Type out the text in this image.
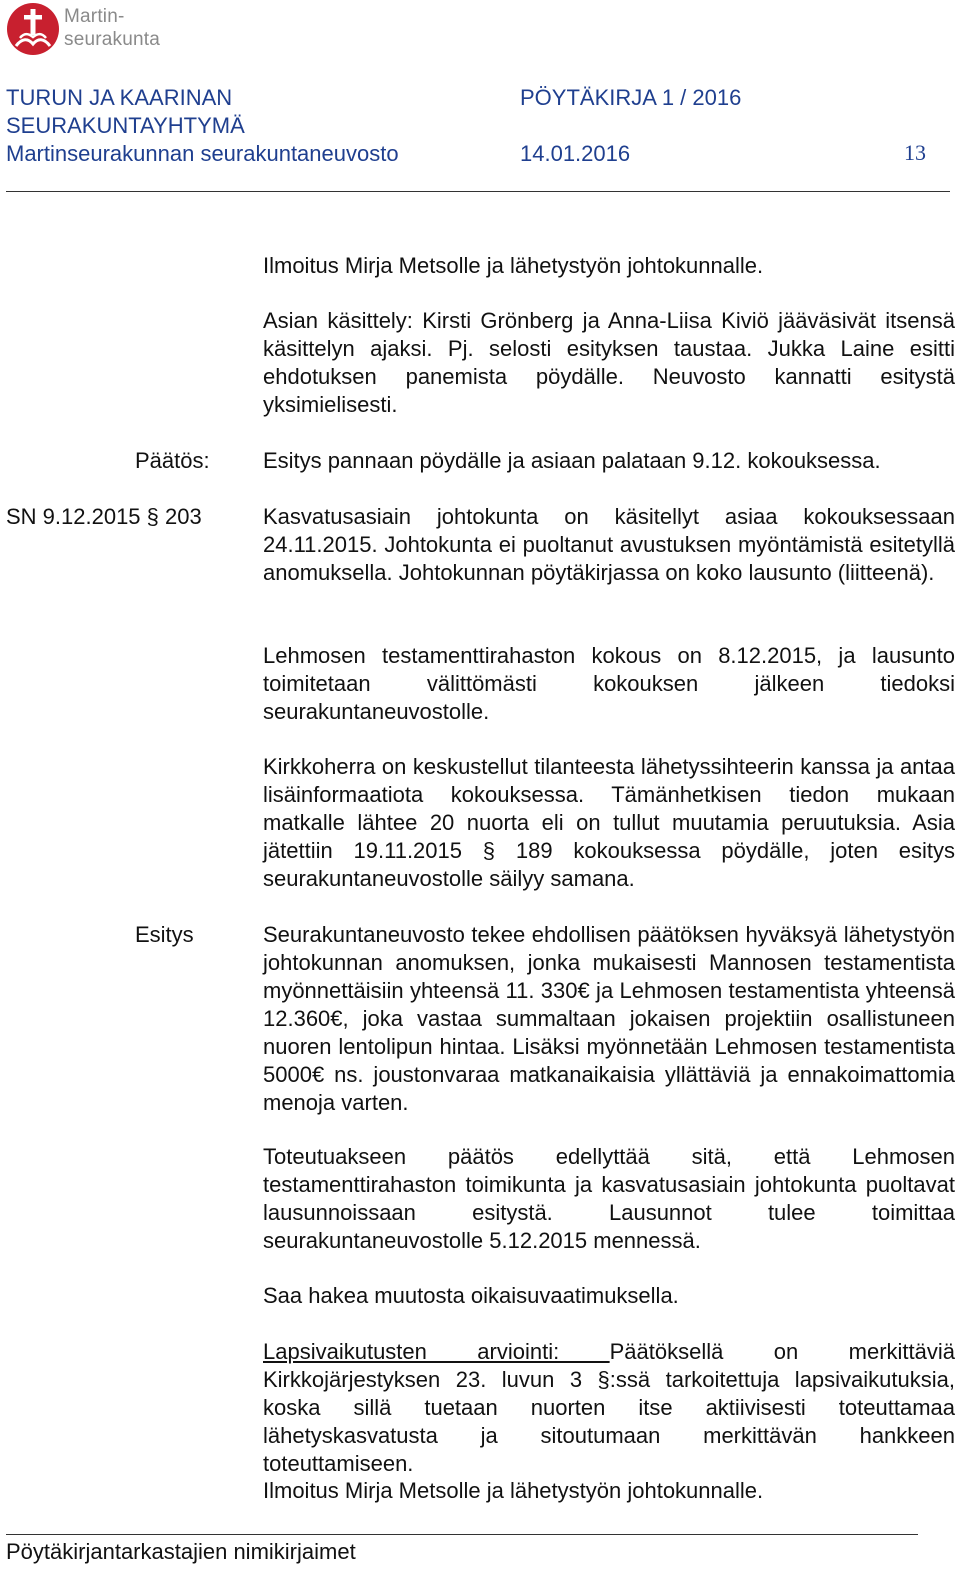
Martin-
seurakunta
TURUN JA KAARINAN
SEURAKUNTAYHTYMÄ
Martinseurakunnan seurakuntaneuvosto
PÖYTÄKIRJA 1 / 2016
14.01.2016	13
Ilmoitus Mirja Metsolle ja lähetystyön johtokunnalle.
Asian käsittely: Kirsti Grönberg ja Anna-Liisa Kiviö jääväsivät itsensä käsittelyn ajaksi. Pj. selosti esityksen taustaa. Jukka Laine esitti ehdotuksen panemista pöydälle. Neuvosto kannatti esitystä yksimielisesti.
Päätös: Esitys pannaan pöydälle ja asiaan palataan 9.12. kokouksessa.
SN 9.12.2015 § 203	Kasvatusasiain johtokunta on käsitellyt asiaa kokouksessaan 24.11.2015. Johtokunta ei puoltanut avustuksen myöntämistä esitetyllä anomuksella. Johtokunnan pöytäkirjassa on koko lausunto (liitteenä).
Lehmosen testamenttirahaston kokous on 8.12.2015, ja lausunto toimitetaan välittömästi kokouksen jälkeen tiedoksi seurakuntaneuvostolle.
Kirkkoherra on keskustellut tilanteesta lähetyssihteerin kanssa ja antaa lisäinformaatiota kokouksessa. Tämänhetkisen tiedon mukaan matkalle lähtee 20 nuorta eli on tullut muutamia peruutuksia. Asia jätettiin 19.11.2015 § 189 kokouksessa pöydälle, joten esitys seurakuntaneuvostolle säilyy samana.
Esitys	Seurakuntaneuvosto tekee ehdollisen päätöksen hyväksyä lähetystyön johtokunnan anomuksen, jonka mukaisesti Mannosen testamentista myönnettäisiin yhteensä 11. 330€ ja Lehmosen testamentista yhteensä 12.360€, joka vastaa summaltaan jokaisen projektiin osallistuneen nuoren lentolipun hintaa. Lisäksi myönnetään Lehmosen testamentista 5000€ ns. joustonvaraa matkanaikaisia yllättäviä ja ennakoimattomia menoja varten.
Toteutuakseen päätös edellyttää sitä, että Lehmosen testamenttirahaston toimikunta ja kasvatusasiain johtokunta puoltavat lausunnoissaan esitystä. Lausunnot tulee toimittaa seurakuntaneuvostolle 5.12.2015 mennessä.
Saa hakea muutosta oikaisuvaatimuksella.
Lapsivaikutusten arviointi: Päätöksellä on merkittäviä Kirkkojärjestyksen 23. luvun 3 §:ssä tarkoitettuja lapsivaikutuksia, koska sillä tuetaan nuorten itse aktiivisesti toteuttamaa lähetyskasvatusta ja sitoutumaan merkittävän hankkeen toteuttamiseen.
Ilmoitus Mirja Metsolle ja lähetystyön johtokunnalle.
Pöytäkirjantarkastajien nimikirjaimet
